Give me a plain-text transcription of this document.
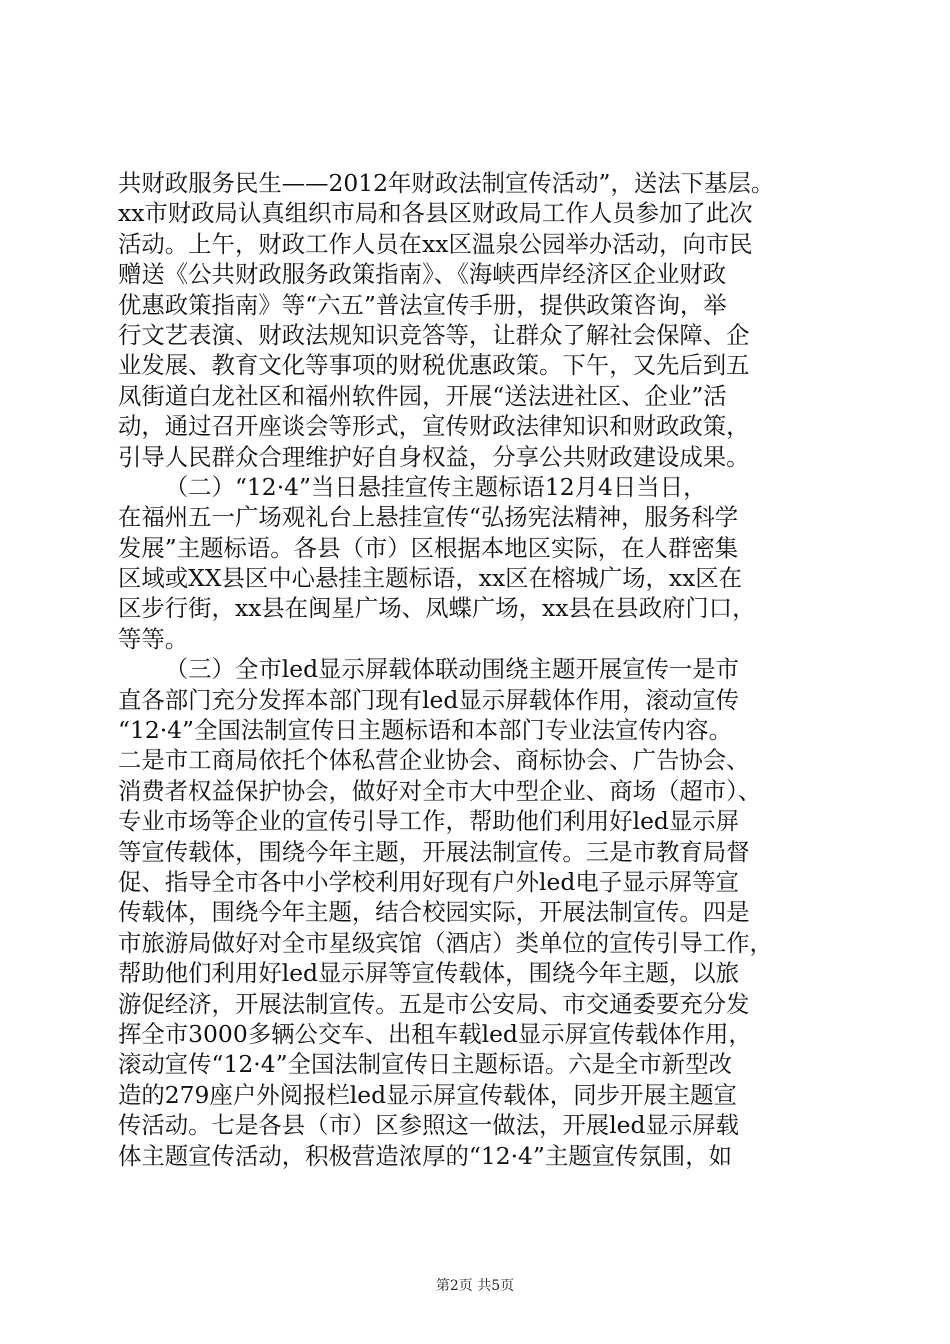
共财政服务民生——2012年财政法制宣传活动”，送法下基层。
xx市财政局认真组织市局和各县区财政局工作人员参加了此次
活动。上午，财政工作人员在xx区温泉公园举办活动，向市民
赠送《公共财政服务政策指南》、《海峡西岸经济区企业财政
优惠政策指南》等“六五”普法宣传手册，提供政策咨询，举
行文艺表演、财政法规知识竞答等，让群众了解社会保障、企
业发展、教育文化等事项的财税优惠政策。下午，又先后到五
凤街道白龙社区和福州软件园，开展“送法进社区、企业”活
动，通过召开座谈会等形式，宣传财政法律知识和财政政策，
引导人民群众合理维护好自身权益，分享公共财政建设成果。
（二）“12·4”当日悬挂宣传主题标语12月4日当日，
在福州五一广场观礼台上悬挂宣传“弘扬宪法精神，服务科学
发展”主题标语。各县（市）区根据本地区实际，在人群密集
区域或XX县区中心悬挂主题标语，xx区在榕城广场，xx区在
区步行街，xx县在闽星广场、凤蝶广场，xx县在县政府门口，
等等。
（三）全市led显示屏载体联动围绕主题开展宣传一是市
直各部门充分发挥本部门现有led显示屏载体作用，滚动宣传
“12·4”全国法制宣传日主题标语和本部门专业法宣传内容。
二是市工商局依托个体私营企业协会、商标协会、广告协会、
消费者权益保护协会，做好对全市大中型企业、商场（超市）、
专业市场等企业的宣传引导工作，帮助他们利用好led显示屏
等宣传载体，围绕今年主题，开展法制宣传。三是市教育局督
促、指导全市各中小学校利用好现有户外led电子显示屏等宣
传载体，围绕今年主题，结合校园实际，开展法制宣传。四是
市旅游局做好对全市星级宾馆（酒店）类单位的宣传引导工作，
帮助他们利用好led显示屏等宣传载体，围绕今年主题，以旅
游促经济，开展法制宣传。五是市公安局、市交通委要充分发
挥全市3000多辆公交车、出租车载led显示屏宣传载体作用，
滚动宣传“12·4”全国法制宣传日主题标语。六是全市新型改
造的279座户外阅报栏led显示屏宣传载体，同步开展主题宣
传活动。七是各县（市）区参照这一做法，开展led显示屏载
体主题宣传活动，积极营造浓厚的“12·4”主题宣传氛围，如
第2页 共5页
